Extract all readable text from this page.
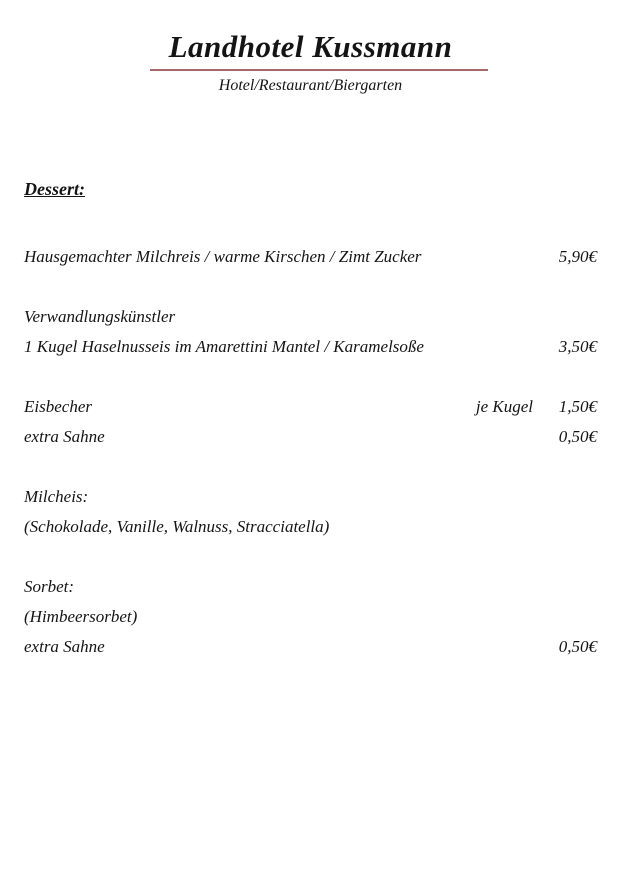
Landhotel Kussmann
Hotel/Restaurant/Biergarten
Dessert:
Hausgemachter Milchreis / warme Kirschen / Zimt Zucker	5,90€
Verwandlungskünstler
1 Kugel Haselnusseis im Amarettini Mantel / Karamelsoße	3,50€
Eisbecher	je Kugel	1,50€
extra Sahne	0,50€
Milcheis:
(Schokolade, Vanille, Walnuss, Stracciatella)
Sorbet:
(Himbeersorbet)
extra Sahne	0,50€
